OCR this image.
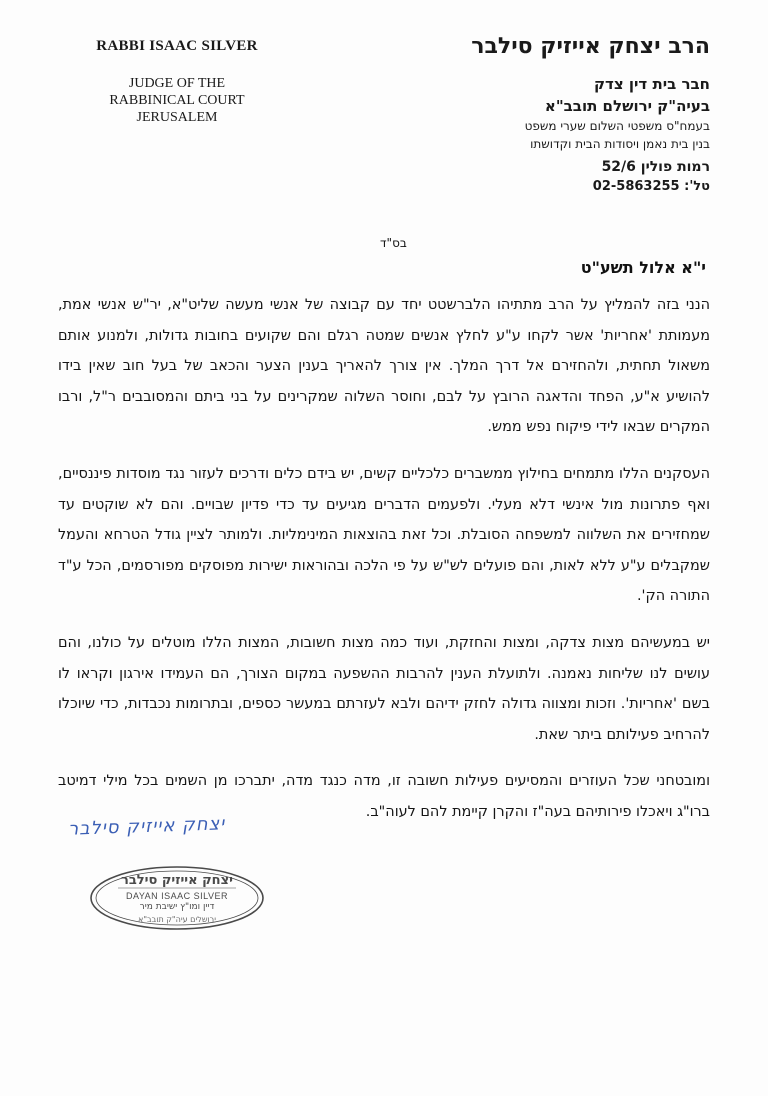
RABBI ISAAC SILVER
JUDGE OF THE
RABBINICAL COURT
JERUSALEM
הרב יצחק אייזיק סילבר
חבר בית דין צדק
בעיה"ק ירושלם תובב"א
בעמח"ס משפטי השלום שערי משפט
בנין בית נאמן ויסודות הבית וקדושתו
רמות פולין 52/6
טל': 02-5863255
בס"ד
י"א אלול תשע"ט

הנני בזה להמליץ על הרב מתתיהו הלברשטט יחד עם קבוצה של אנשי מעשה שליט"א, יר"ש אנשי אמת, מעמותת 'אחריות' אשר לקחו ע"ע לחלץ אנשים שמטה רגלם והם שקועים בחובות גדולות, ולמנוע אותם משאול תחתית, ולהחזירם אל דרך המלך. אין צורך להאריך בענין הצער והכאב של בעל חוב שאין בידו להושיע א"ע, הפחד והדאגה הרובץ על לבם, וחוסר השלוה שמקרינים על בני ביתם והמסובבים ר"ל, ורבו המקרים שבאו לידי פיקוח נפש ממש.

העסקנים הללו מתמחים בחילוץ ממשברים כלכליים קשים, יש בידם כלים ודרכים לעזור נגד מוסדות פיננסיים, ואף פתרונות מול אינשי דלא מעלי. ולפעמים הדברים מגיעים עד כדי פדיון שבויים. והם לא שוקטים עד שמחזירים את השלווה למשפחה הסובלת. וכל זאת בהוצאות המינימליות. ולמותר לציין גודל הטרחא והעמל שמקבלים ע"ע ללא לאות, והם פועלים לש"ש על פי הלכה ובהוראות ישירות מפוסקים מפורסמים, הכל ע"ד התורה הק'.

יש במעשיהם מצות צדקה, ומצות והחזקת, ועוד כמה מצות חשובות, המצות הללו מוטלים על כולנו, והם עושים לנו שליחות נאמנה. ולתועלת הענין להרבות ההשפעה במקום הצורך, הם העמידו אירגון וקראו לו בשם 'אחריות'. וזכות ומצווה גדולה לחזק ידיהם ולבא לעזרתם במעשר כספים, ובתרומות נכבדות, כדי שיוכלו להרחיב פעילותם ביתר שאת.

ומובטחני שכל העוזרים והמסיעים פעילות חשובה זו, מדה כנגד מדה, יתברכו מן השמים בכל מילי דמיטב ברו"ג ויאכלו פירותיהם בעה"ז והקרן קיימת להם לעוה"ב.

יצחק אייזיק סילבר
יצחק אייזיק סילבר
DAYAN ISAAC SILVER
דיין ומו"ץ ישיבת מיר
ירושלים עיה"ק תובב"א
